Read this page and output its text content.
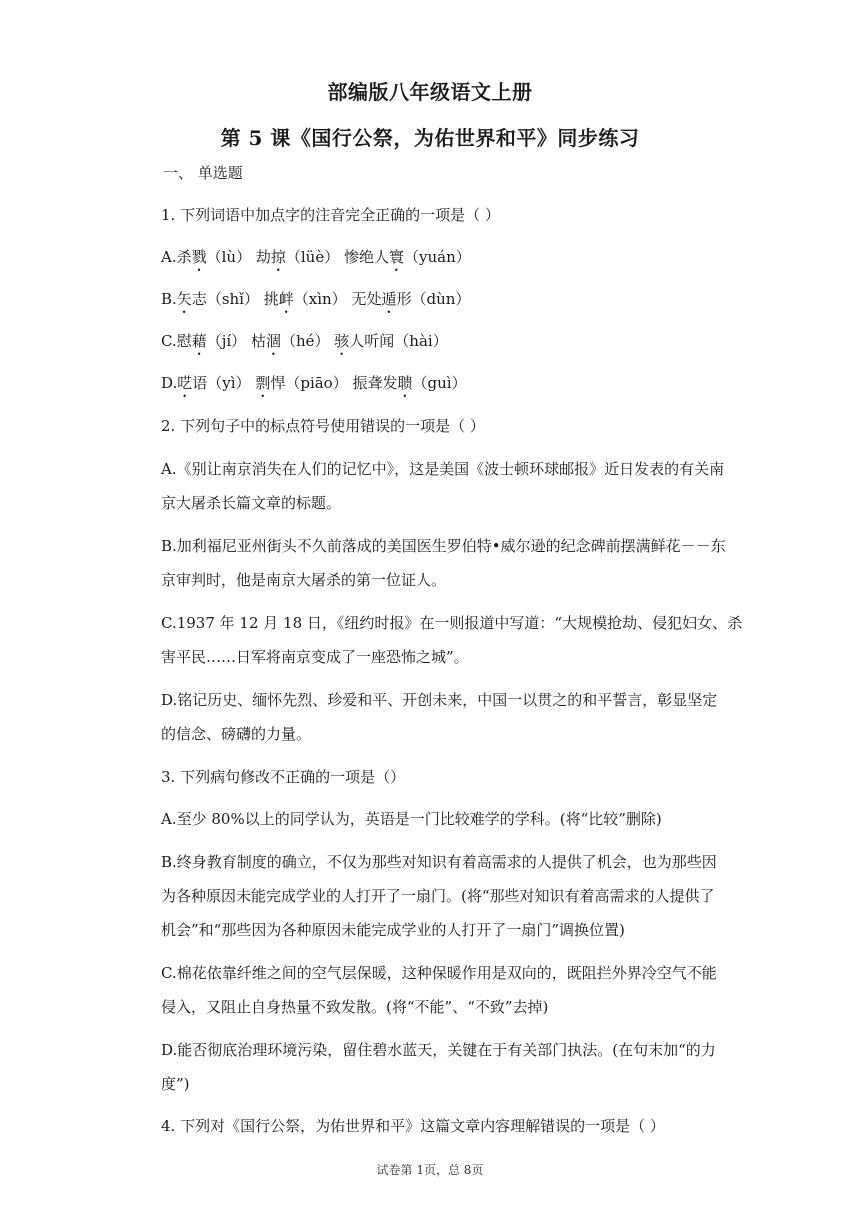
部编版八年级语文上册
第 5 课《国行公祭，为佑世界和平》同步练习
一、 单选题
1. 下列词语中加点字的注音完全正确的一项是（ ）
A.杀戮（lù） 劫掠（lüè） 惨绝人寰（yuán）
B.矢志（shǐ） 挑衅（xìn） 无处遁形（dùn）
C.慰藉（jí） 枯涸（hé） 骇人听闻（hài）
D.呓语（yì） 剽悍（piāo） 振聋发聩（guì）
2. 下列句子中的标点符号使用错误的一项是（ ）
A.《别让南京消失在人们的记忆中》，这是美国《波士顿环球邮报》近日发表的有关南
京大屠杀长篇文章的标题。
B.加利福尼亚州街头不久前落成的美国医生罗伯特•威尔逊的纪念碑前摆满鲜花－－东
京审判时，他是南京大屠杀的第一位证人。
C.1937 年 12 月 18 日，《纽约时报》在一则报道中写道：“大规模抢劫、侵犯妇女、杀
害平民……日军将南京变成了一座恐怖之城”。
D.铭记历史、缅怀先烈、珍爱和平、开创未来，中国一以贯之的和平誓言，彰显坚定
的信念、磅礴的力量。
3. 下列病句修改不正确的一项是（）
A.至少 80%以上的同学认为，英语是一门比较难学的学科。(将“比较”删除)
B.终身教育制度的确立，不仅为那些对知识有着高需求的人提供了机会，也为那些因
为各种原因未能完成学业的人打开了一扇门。(将“那些对知识有着高需求的人提供了
机会”和“那些因为各种原因未能完成学业的人打开了一扇门”调换位置)
C.棉花依靠纤维之间的空气层保暖，这种保暖作用是双向的，既阻拦外界冷空气不能
侵入，又阻止自身热量不致发散。(将“不能”、“不致”去掉)
D.能否彻底治理环境污染，留住碧水蓝天，关键在于有关部门执法。(在句末加“的力
度”)
4. 下列对《国行公祭，为佑世界和平》这篇文章内容理解错误的一项是（ ）
试卷第 1页，总 8页
